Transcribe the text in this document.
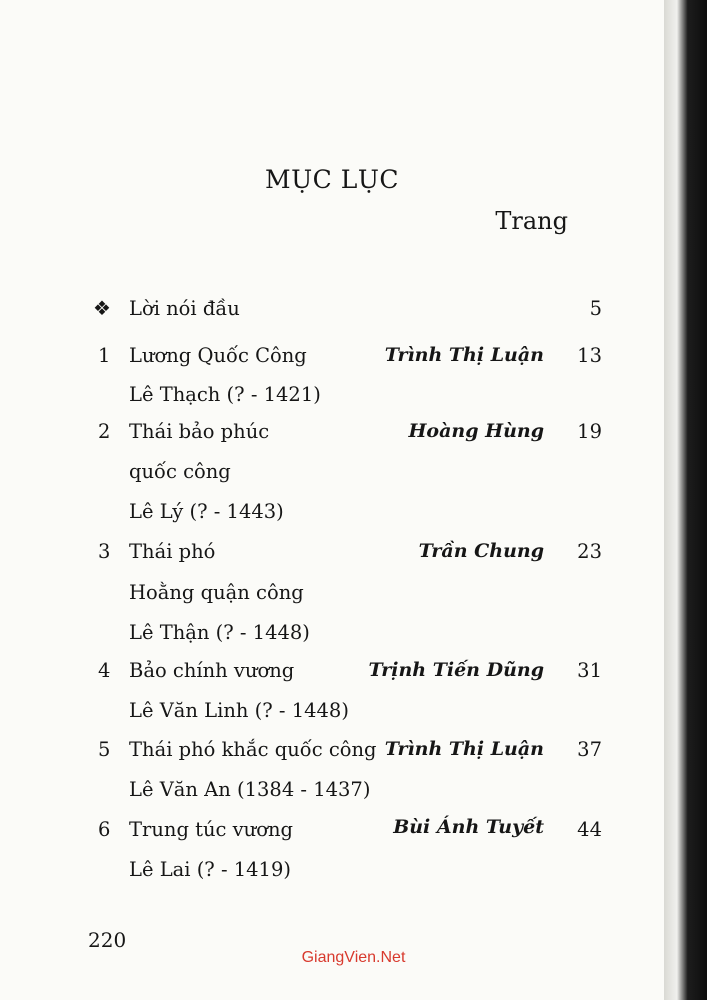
MỤC LỤC
Trang
❖ Lời nói đầu	5
1 Lương Quốc Công
Lê Thạch (? - 1421)
Trình Thị Luận 13
2 Thái bảo phúc
quốc công
Lê Lý (? - 1443)
Hoàng Hùng 19
3 Thái phó
Hoằng quận công
Lê Thận (? - 1448)
Trần Chung 23
4 Bảo chính vương
Lê Văn Linh (? - 1448)
Trịnh Tiến Dũng 31
5 Thái phó khắc quốc công
Lê Văn An (1384 - 1437)
Trình Thị Luận 37
6 Trung túc vương
Lê Lai (? - 1419)
Bùi Ánh Tuyết 44
220
GiangVien.Net
